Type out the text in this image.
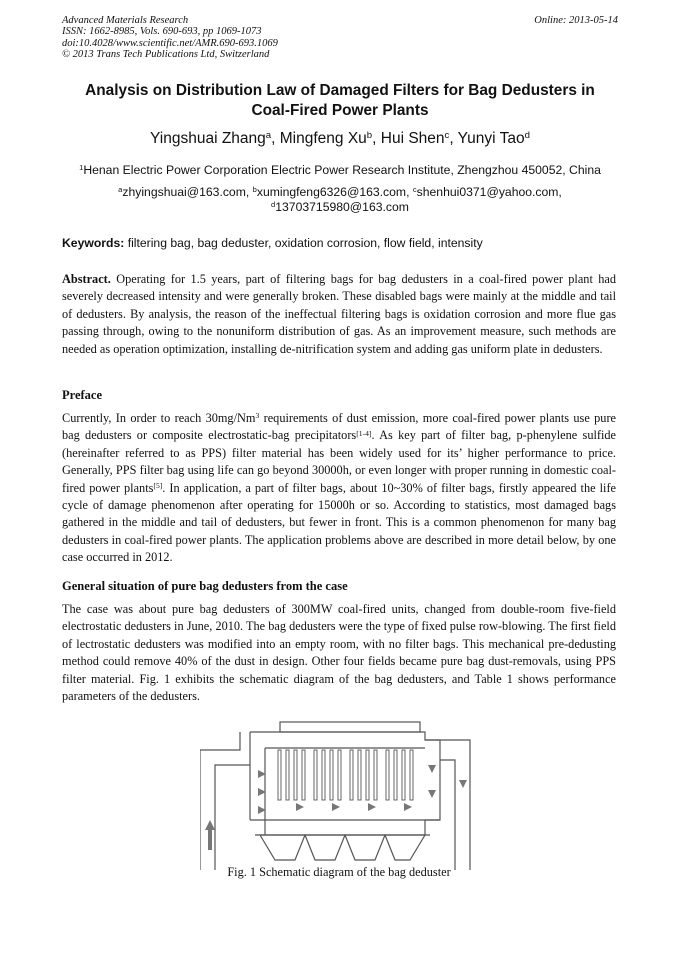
Advanced Materials Research
ISSN: 1662-8985, Vols. 690-693, pp 1069-1073
doi:10.4028/www.scientific.net/AMR.690-693.1069
© 2013 Trans Tech Publications Ltd, Switzerland
Online: 2013-05-14
Analysis on Distribution Law of Damaged Filters for Bag Dedusters in
Coal-Fired Power Plants
Yingshuai Zhang$^a$, Mingfeng Xu$^b$, Hui Shen$^c$, Yunyi Tao$^d$
$^1$Henan Electric Power Corporation Electric Power Research Institute, Zhengzhou 450052, China
$^a$zhyingshuai@163.com, $^b$xumingfeng6326@163.com, $^c$shenhui0371@yahoo.com,
$^d$13703715980@163.com
Keywords: filtering bag, bag deduster, oxidation corrosion, flow field, intensity
Abstract. Operating for 1.5 years, part of filtering bags for bag dedusters in a coal-fired power plant had severely decreased intensity and were generally broken. These disabled bags were mainly at the middle and tail of dedusters. By analysis, the reason of the ineffectual filtering bags is oxidation corrosion and more flue gas passing through, owing to the nonuniform distribution of gas. As an improvement measure, such methods are needed as operation optimization, installing de-nitrification system and adding gas uniform plate in dedusters.
Preface
Currently, In order to reach 30mg/Nm$^3$ requirements of dust emission, more coal-fired power plants use pure bag dedusters or composite electrostatic-bag precipitators[1-4]. As key part of filter bag, p-phenylene sulfide (hereinafter referred to as PPS) filter material has been widely used for its’ higher performance to price. Generally, PPS filter bag using life can go beyond 30000h, or even longer with proper running in domestic coal-fired power plants[5]. In application, a part of filter bags, about 10~30% of filter bags, firstly appeared the life cycle of damage phenomenon after operating for 15000h or so. According to statistics, most damaged bags gathered in the middle and tail of dedusters, but fewer in front. This is a common phenomenon for many bag dedusters in coal-fired power plants. The application problems above are described in more detail below, by one case occurred in 2012.
General situation of pure bag dedusters from the case
The case was about pure bag dedusters of 300MW coal-fired units, changed from double-room five-field electrostatic dedusters in June, 2010. The bag dedusters were the type of fixed pulse row-blowing. The first field of lectrostatic dedusters was modified into an empty room, with no filter bags. This mechanical pre-dedusting method could remove 40% of the dust in design. Other four fields became pure bag dust-removals, using PPS filter material. Fig. 1 exhibits the schematic diagram of the bag dedusters, and Table 1 shows performance parameters of the dedusters.
Fig. 1 Schematic diagram of the bag deduster
